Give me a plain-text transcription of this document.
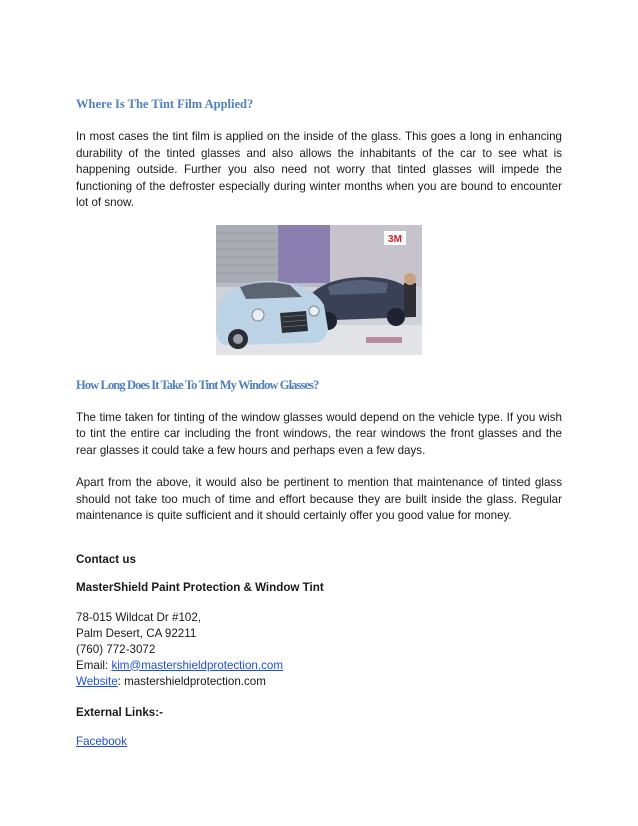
Where Is The Tint Film Applied?

In most cases the tint film is applied on the inside of the glass. This goes a long in enhancing durability of the tinted glasses and also allows the inhabitants of the car to see what is happening outside. Further you also need not worry that tinted glasses will impede the functioning of the defroster especially during winter months when you are bound to encounter lot of snow.

3M
How Long Does It Take To Tint My Window Glasses?

The time taken for tinting of the window glasses would depend on the vehicle type. If you wish to tint the entire car including the front windows, the rear windows the front glasses and the rear glasses it could take a few hours and perhaps even a few days.

Apart from the above, it would also be pertinent to mention that maintenance of tinted glass should not take too much of time and effort because they are built inside the glass. Regular maintenance is quite sufficient and it should certainly offer you good value for money.

Contact us

MasterShield Paint Protection & Window Tint

78-015 Wildcat Dr #102,

Palm Desert, CA 92211

(760) 772-3072

Email: kim@mastershieldprotection.com

Website: mastershieldprotection.com

External Links:-

Facebook
